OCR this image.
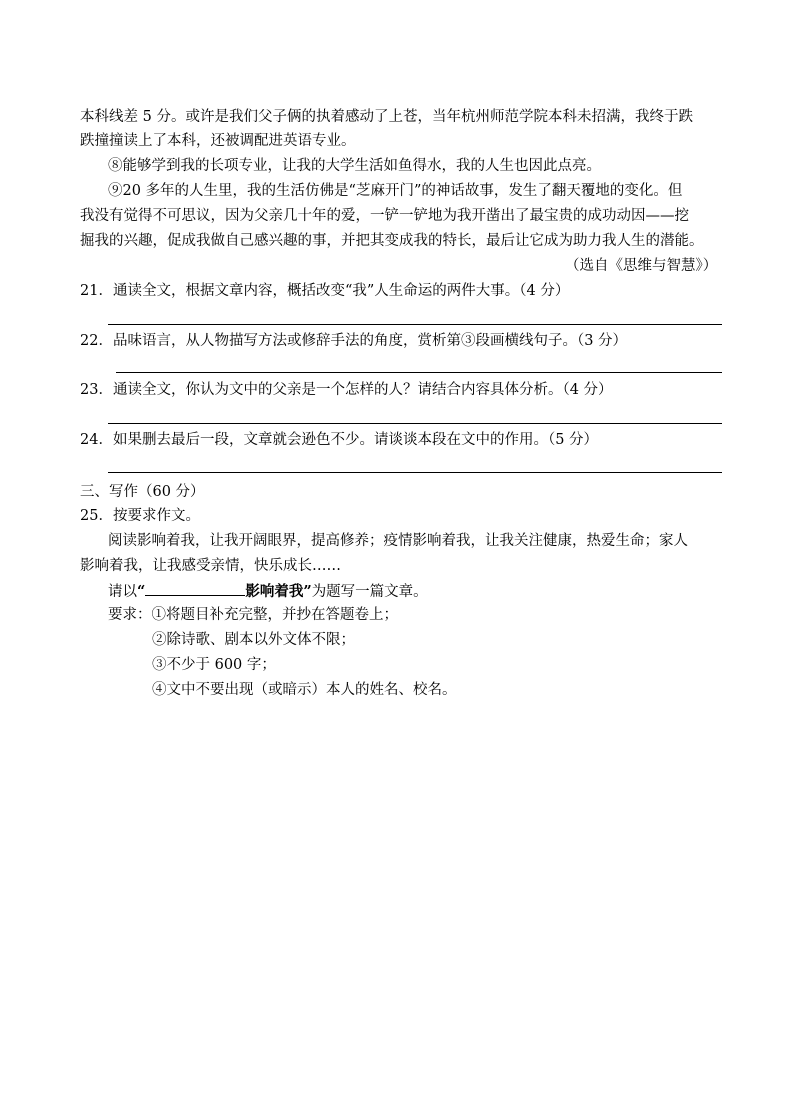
本科线差 5 分。或许是我们父子俩的执着感动了上苍，当年杭州师范学院本科未招满，我终于跌
跌撞撞读上了本科，还被调配进英语专业。
⑧能够学到我的长项专业，让我的大学生活如鱼得水，我的人生也因此点亮。
⑨20 多年的人生里，我的生活仿佛是“芝麻开门”的神话故事，发生了翻天覆地的变化。但
我没有觉得不可思议，因为父亲几十年的爱，一铲一铲地为我开凿出了最宝贵的成功动因——挖
掘我的兴趣，促成我做自己感兴趣的事，并把其变成我的特长，最后让它成为助力我人生的潜能。
（选自《思维与智慧》）
21．通读全文，根据文章内容，概括改变“我”人生命运的两件大事。（4 分）
22．品味语言，从人物描写方法或修辞手法的角度，赏析第③段画横线句子。（3 分）
23．通读全文，你认为文中的父亲是一个怎样的人？请结合内容具体分析。（4 分）
24．如果删去最后一段，文章就会逊色不少。请谈谈本段在文中的作用。（5 分）
三、写作（60 分）
25．按要求作文。
阅读影响着我，让我开阔眼界，提高修养；疫情影响着我，让我关注健康，热爱生命；家人
影响着我，让我感受亲情，快乐成长……
请以“	影响着我”为题写一篇文章。
要求：①将题目补充完整，并抄在答题卷上；
②除诗歌、剧本以外文体不限；
③不少于 600 字；
④文中不要出现（或暗示）本人的姓名、校名。
